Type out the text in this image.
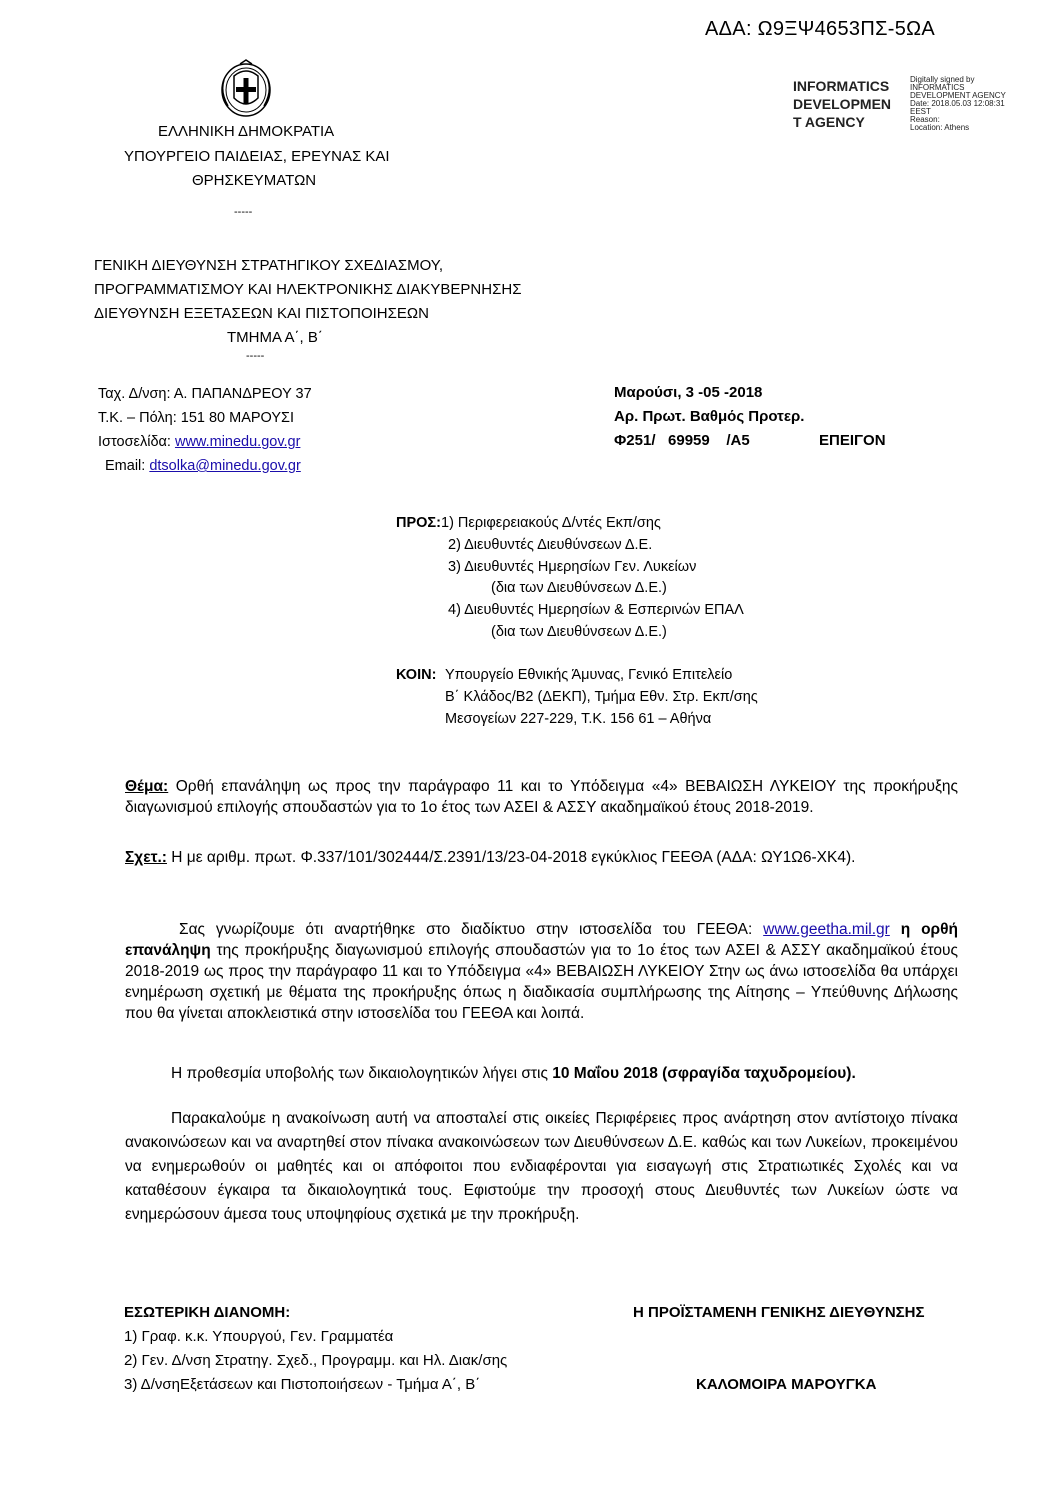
ΑΔΑ: Ω9ΞΨ4653ΠΣ-5ΩΑ
ΕΛΛΗΝΙΚΗ ΔΗΜΟΚΡΑΤΙΑ
ΥΠΟΥΡΓΕΙΟ ΠΑΙΔΕΙΑΣ, ΕΡΕΥΝΑΣ ΚΑΙ
ΘΡΗΣΚΕΥΜΑΤΩΝ
-----
ΓΕΝΙΚΗ ΔΙΕΥΘΥΝΣΗ ΣΤΡΑΤΗΓΙΚΟΥ ΣΧΕΔΙΑΣΜΟΥ,
ΠΡΟΓΡΑΜΜΑΤΙΣΜΟΥ ΚΑΙ ΗΛΕΚΤΡΟΝΙΚΗΣ ΔΙΑΚΥΒΕΡΝΗΣΗΣ
ΔΙΕΥΘΥΝΣΗ ΕΞΕΤΑΣΕΩΝ ΚΑΙ ΠΙΣΤΟΠΟΙΗΣΕΩΝ
ΤΜΗΜΑ Α΄, Β΄
-----
INFORMATICS
DEVELOPMEN
T AGENCY
Digitally signed by
INFORMATICS
DEVELOPMENT AGENCY
Date: 2018.05.03 12:08:31
EEST
Reason:
Location: Athens
Ταχ. Δ/νση: Α. ΠΑΠΑΝΔΡΕΟΥ 37
Τ.Κ. – Πόλη: 151 80 ΜΑΡΟΥΣΙ
Ιστοσελίδα: www.minedu.gov.gr
Email: dtsolka@minedu.gov.gr
Μαρούσι, 3 -05 -2018
Αρ. Πρωτ. Βαθμός Προτερ.
Φ251/   69959    /Α5	ΕΠΕΙΓΟΝ
ΠΡΟΣ: 1) Περιφερειακούς Δ/ντές Εκπ/σης
2) Διευθυντές Διευθύνσεων Δ.Ε.
3) Διευθυντές Ημερησίων Γεν. Λυκείων
(δια των Διευθύνσεων Δ.Ε.)
4) Διευθυντές Ημερησίων & Εσπερινών ΕΠΑΛ
(δια των Διευθύνσεων Δ.Ε.)
ΚΟΙΝ: Υπουργείο Εθνικής Άμυνας, Γενικό Επιτελείο
Β΄ Κλάδος/Β2 (ΔΕΚΠ), Τμήμα Εθν. Στρ. Εκπ/σης
Μεσογείων 227-229, Τ.Κ. 156 61 – Αθήνα
Θέμα: Ορθή επανάληψη ως προς την παράγραφο 11 και το Υπόδειγμα «4» ΒΕΒΑΙΩΣΗ ΛΥΚΕΙΟΥ της προκήρυξης διαγωνισμού επιλογής σπουδαστών για το 1ο έτος των ΑΣΕΙ & ΑΣΣΥ ακαδημαϊκού έτους 2018-2019.
Σχετ.: Η με αριθμ. πρωτ. Φ.337/101/302444/Σ.2391/13/23-04-2018 εγκύκλιος ΓΕΕΘΑ (ΑΔΑ: ΩΥ1Ω6-ΧΚ4).
Σας γνωρίζουμε ότι αναρτήθηκε στο διαδίκτυο στην ιστοσελίδα του ΓΕΕΘΑ: www.geetha.mil.gr η ορθή επανάληψη της προκήρυξης διαγωνισμού επιλογής σπουδαστών για το 1ο έτος των ΑΣΕΙ & ΑΣΣΥ ακαδημαϊκού έτους 2018-2019 ως προς την παράγραφο 11 και το Υπόδειγμα «4» ΒΕΒΑΙΩΣΗ ΛΥΚΕΙΟΥ Στην ως άνω ιστοσελίδα θα υπάρχει ενημέρωση σχετική με θέματα της προκήρυξης όπως η διαδικασία συμπλήρωσης της Αίτησης – Υπεύθυνης Δήλωσης που θα γίνεται αποκλειστικά στην ιστοσελίδα του ΓΕΕΘΑ και λοιπά.
Η προθεσμία υποβολής των δικαιολογητικών λήγει στις 10 Μαΐου 2018 (σφραγίδα ταχυδρομείου).
Παρακαλούμε η ανακοίνωση αυτή να αποσταλεί στις οικείες Περιφέρειες προς ανάρτηση στον αντίστοιχο πίνακα ανακοινώσεων και να αναρτηθεί στον πίνακα ανακοινώσεων των Διευθύνσεων Δ.Ε. καθώς και των Λυκείων, προκειμένου να ενημερωθούν οι μαθητές και οι απόφοιτοι που ενδιαφέρονται για εισαγωγή στις Στρατιωτικές Σχολές και να καταθέσουν έγκαιρα τα δικαιολογητικά τους. Εφιστούμε την προσοχή στους Διευθυντές των Λυκείων ώστε να ενημερώσουν άμεσα τους υποψηφίους σχετικά με την προκήρυξη.
ΕΣΩΤΕΡΙΚΗ ΔΙΑΝΟΜΗ:
1) Γραφ. κ.κ. Υπουργού, Γεν. Γραμματέα
2) Γεν. Δ/νση Στρατηγ. Σχεδ., Προγραμμ. και Ηλ. Διακ/σης
3) Δ/νσηΕξετάσεων και Πιστοποιήσεων - Τμήμα Α΄, Β΄
Η ΠΡΟΪΣΤΑΜΕΝΗ ΓΕΝΙΚΗΣ ΔΙΕΥΘΥΝΣΗΣ
ΚΑΛΟΜΟΙΡΑ ΜΑΡΟΥΓΚΑ
